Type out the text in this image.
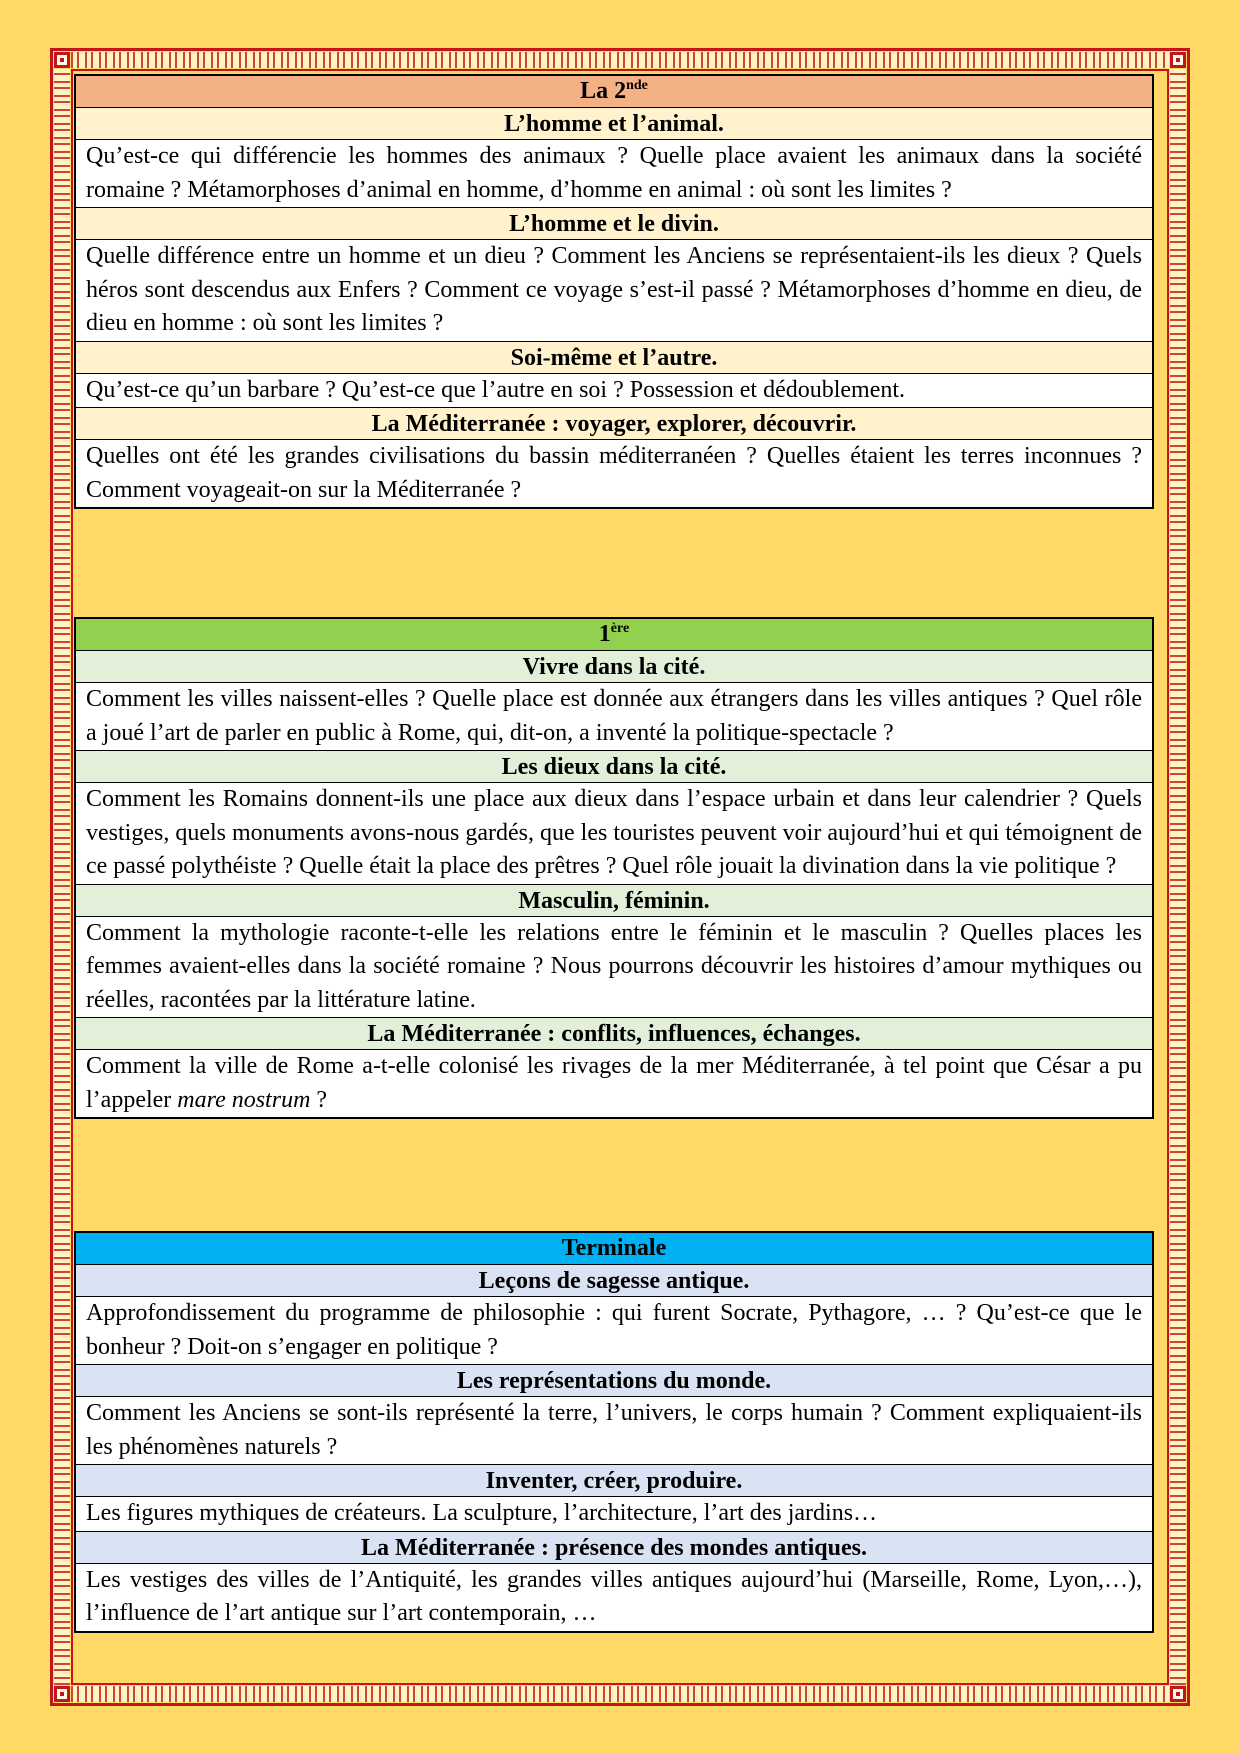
La 2nde
L’homme et l’animal.
Qu’est-ce qui différencie les hommes des animaux ? Quelle place avaient les animaux dans la société romaine ? Métamorphoses d’animal en homme, d’homme en animal : où sont les limites ?
L’homme et le divin.
Quelle différence entre un homme et un dieu ? Comment les Anciens se représentaient-ils les dieux ? Quels héros sont descendus aux Enfers ? Comment ce voyage s’est-il passé ? Métamorphoses d’homme en dieu, de dieu en homme : où sont les limites ?
Soi-même et l’autre.
Qu’est-ce qu’un barbare ? Qu’est-ce que l’autre en soi ? Possession et dédoublement.
La Méditerranée : voyager, explorer, découvrir.
Quelles ont été les grandes civilisations du bassin méditerranéen ? Quelles étaient les terres inconnues ? Comment voyageait-on sur la Méditerranée ?
1ère
Vivre dans la cité.
Comment les villes naissent-elles ? Quelle place est donnée aux étrangers dans les villes antiques ? Quel rôle a joué l’art de parler en public à Rome, qui, dit-on, a inventé la politique-spectacle ?
Les dieux dans la cité.
Comment les Romains donnent-ils une place aux dieux dans l’espace urbain et dans leur calendrier ? Quels vestiges, quels monuments avons-nous gardés, que les touristes peuvent voir aujourd’hui et qui témoignent de ce passé polythéiste ? Quelle était la place des prêtres ? Quel rôle jouait la divination dans la vie politique ?
Masculin, féminin.
Comment la mythologie raconte-t-elle les relations entre le féminin et le masculin ? Quelles places les femmes avaient-elles dans la société romaine ? Nous pourrons découvrir les histoires d’amour mythiques ou réelles, racontées par la littérature latine.
La Méditerranée : conflits, influences, échanges.
Comment la ville de Rome a-t-elle colonisé les rivages de la mer Méditerranée, à tel point que César a pu l’appeler mare nostrum ?
Terminale
Leçons de sagesse antique.
Approfondissement du programme de philosophie : qui furent Socrate, Pythagore, … ? Qu’est-ce que le bonheur ? Doit-on s’engager en politique ?
Les représentations du monde.
Comment les Anciens se sont-ils représenté la terre, l’univers, le corps humain ? Comment expliquaient-ils les phénomènes naturels ?
Inventer, créer, produire.
Les figures mythiques de créateurs. La sculpture, l’architecture, l’art des jardins…
La Méditerranée : présence des mondes antiques.
Les vestiges des villes de l’Antiquité, les grandes villes antiques aujourd’hui (Marseille, Rome, Lyon,…), l’influence de l’art antique sur l’art contemporain, …
